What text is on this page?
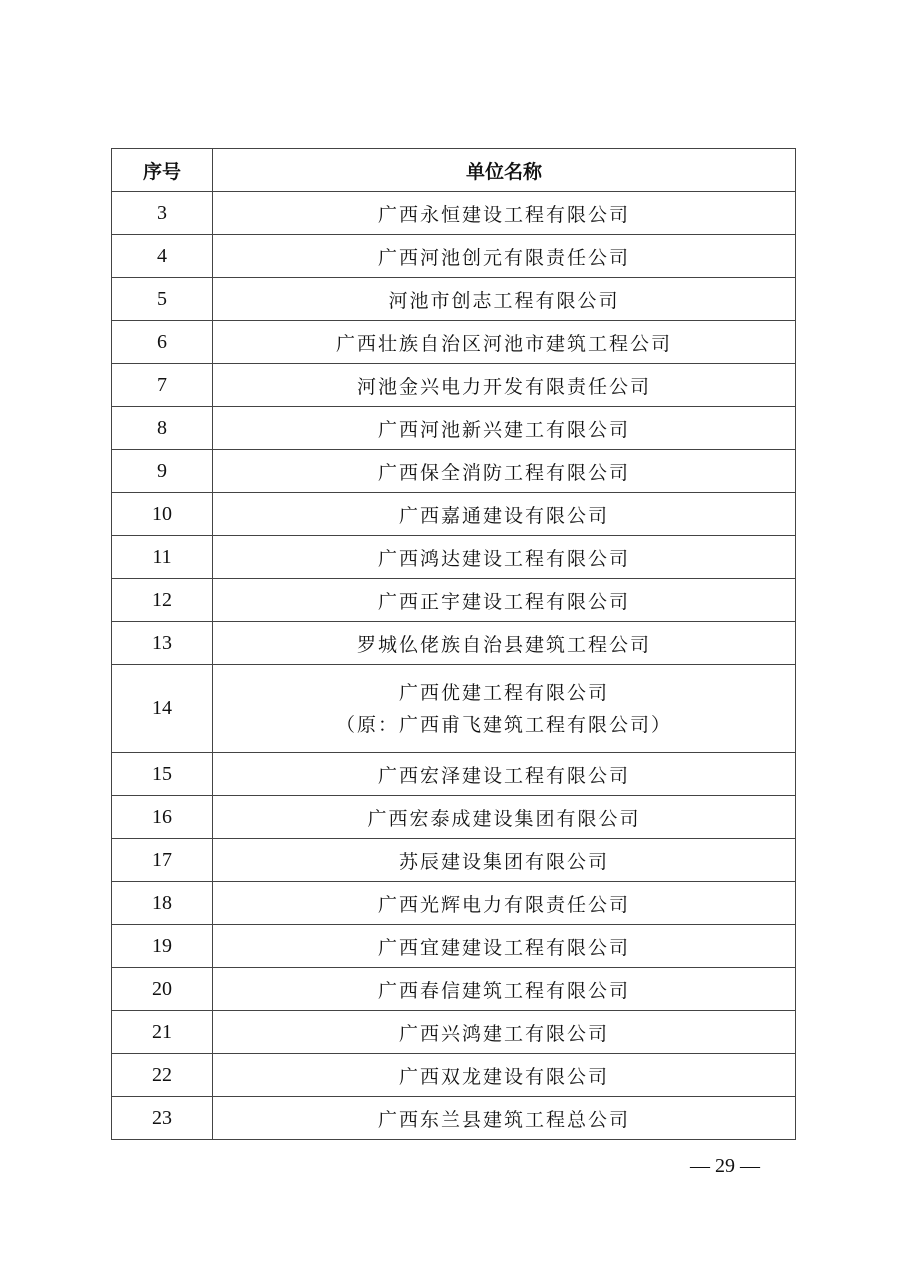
序号	单位名称
3	广西永恒建设工程有限公司
4	广西河池创元有限责任公司
5	河池市创志工程有限公司
6	广西壮族自治区河池市建筑工程公司
7	河池金兴电力开发有限责任公司
8	广西河池新兴建工有限公司
9	广西保全消防工程有限公司
10	广西嘉通建设有限公司
11	广西鸿达建设工程有限公司
12	广西正宇建设工程有限公司
13	罗城仫佬族自治县建筑工程公司
14	广西优建工程有限公司
（原：广西甫飞建筑工程有限公司）

15	广西宏泽建设工程有限公司
16	广西宏泰成建设集团有限公司
17	苏辰建设集团有限公司
18	广西光辉电力有限责任公司
19	广西宜建建设工程有限公司
20	广西春信建筑工程有限公司
21	广西兴鸿建工有限公司
22	广西双龙建设有限公司
23	广西东兰县建筑工程总公司
— 29 —
